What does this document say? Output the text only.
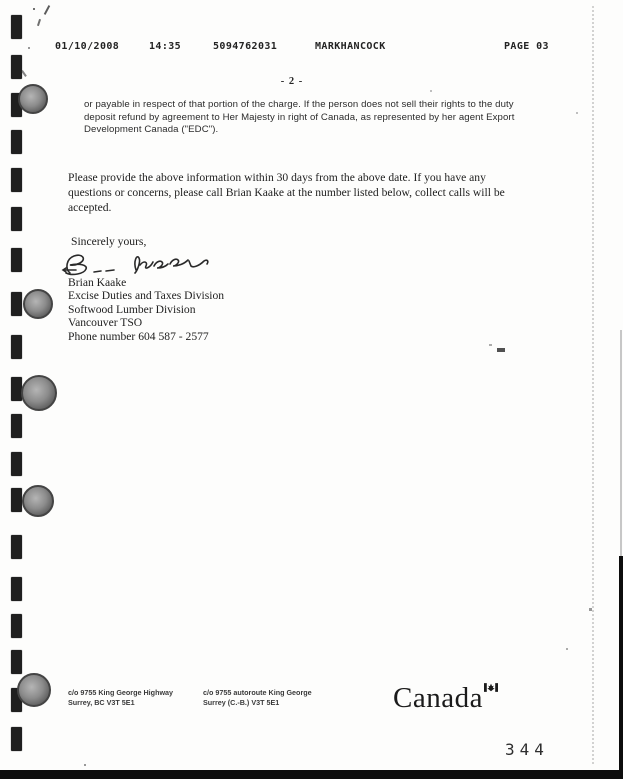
01/10/2008	14:35	5094762031	MARKHANCOCK	PAGE 03
- 2 -
or payable in respect of that portion of the charge. If the person does not sell their rights to the duty deposit refund by agreement to Her Majesty in right of Canada, as represented by her agent Export Development Canada ("EDC").
Please provide the above information within 30 days from the above date. If you have any questions or concerns, please call Brian Kaake at the number listed below, collect calls will be accepted.
Sincerely yours,
Brian Kaake
Excise Duties and Taxes Division
Softwood Lumber Division
Vancouver TSO
Phone number 604 587 - 2577
c/o 9755 King George Highway
Surrey, BC V3T 5E1
c/o 9755 autoroute King George
Surrey (C.-B.) V3T 5E1	Canada
344
